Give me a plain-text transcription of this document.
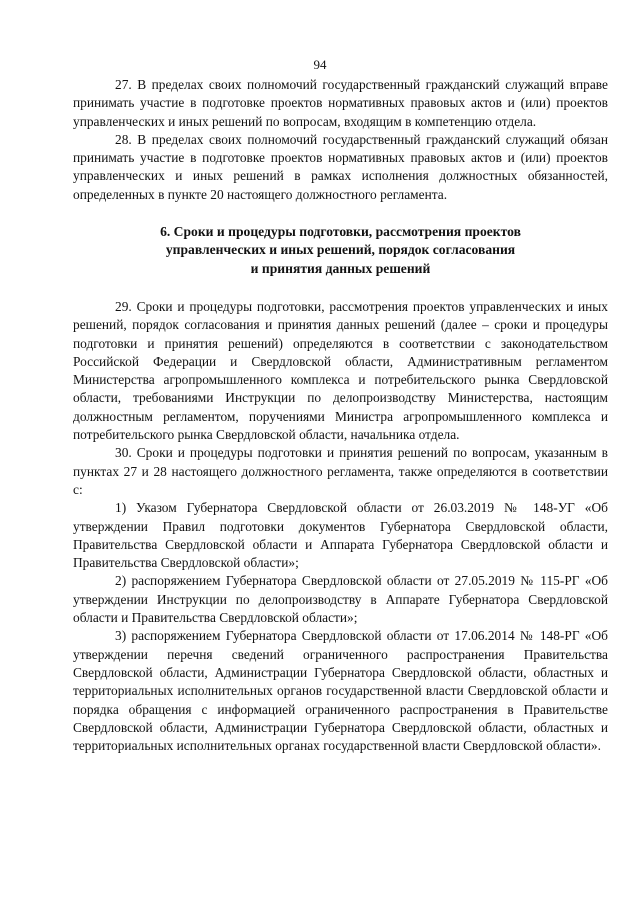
94

27. В пределах своих полномочий государственный гражданский служащий вправе принимать участие в подготовке проектов нормативных правовых актов и (или) проектов управленческих и иных решений по вопросам, входящим в компетенцию отдела.

28. В пределах своих полномочий государственный гражданский служащий обязан принимать участие в подготовке проектов нормативных правовых актов и (или) проектов управленческих и иных решений в рамках исполнения должностных обязанностей, определенных в пункте 20 настоящего должностного регламента.

6. Сроки и процедуры подготовки, рассмотрения проектов
управленческих и иных решений, порядок согласования
и принятия данных решений

29. Сроки и процедуры подготовки, рассмотрения проектов управленческих и иных решений, порядок согласования и принятия данных решений (далее – сроки и процедуры подготовки и принятия решений) определяются в соответствии с законодательством Российской Федерации и Свердловской области, Административным регламентом Министерства агропромышленного комплекса и потребительского рынка Свердловской области, требованиями Инструкции по делопроизводству Министерства, настоящим должностным регламентом, поручениями Министра агропромышленного комплекса и потребительского рынка Свердловской области, начальника отдела.

30. Сроки и процедуры подготовки и принятия решений по вопросам, указанным в пунктах 27 и 28 настоящего должностного регламента, также определяются в соответствии с:

1) Указом Губернатора Свердловской области от 26.03.2019 № 148-УГ «Об утверждении Правил подготовки документов Губернатора Свердловской области, Правительства Свердловской области и Аппарата Губернатора Свердловской области и Правительства Свердловской области»;

2) распоряжением Губернатора Свердловской области от 27.05.2019 № 115-РГ «Об утверждении Инструкции по делопроизводству в Аппарате Губернатора Свердловской области и Правительства Свердловской области»;

3) распоряжением Губернатора Свердловской области от 17.06.2014 № 148-РГ «Об утверждении перечня сведений ограниченного распространения Правительства Свердловской области, Администрации Губернатора Свердловской области, областных и территориальных исполнительных органов государственной власти Свердловской области и порядка обращения с информацией ограниченного распространения в Правительстве Свердловской области, Администрации Губернатора Свердловской области, областных и территориальных исполнительных органах государственной власти Свердловской области».
